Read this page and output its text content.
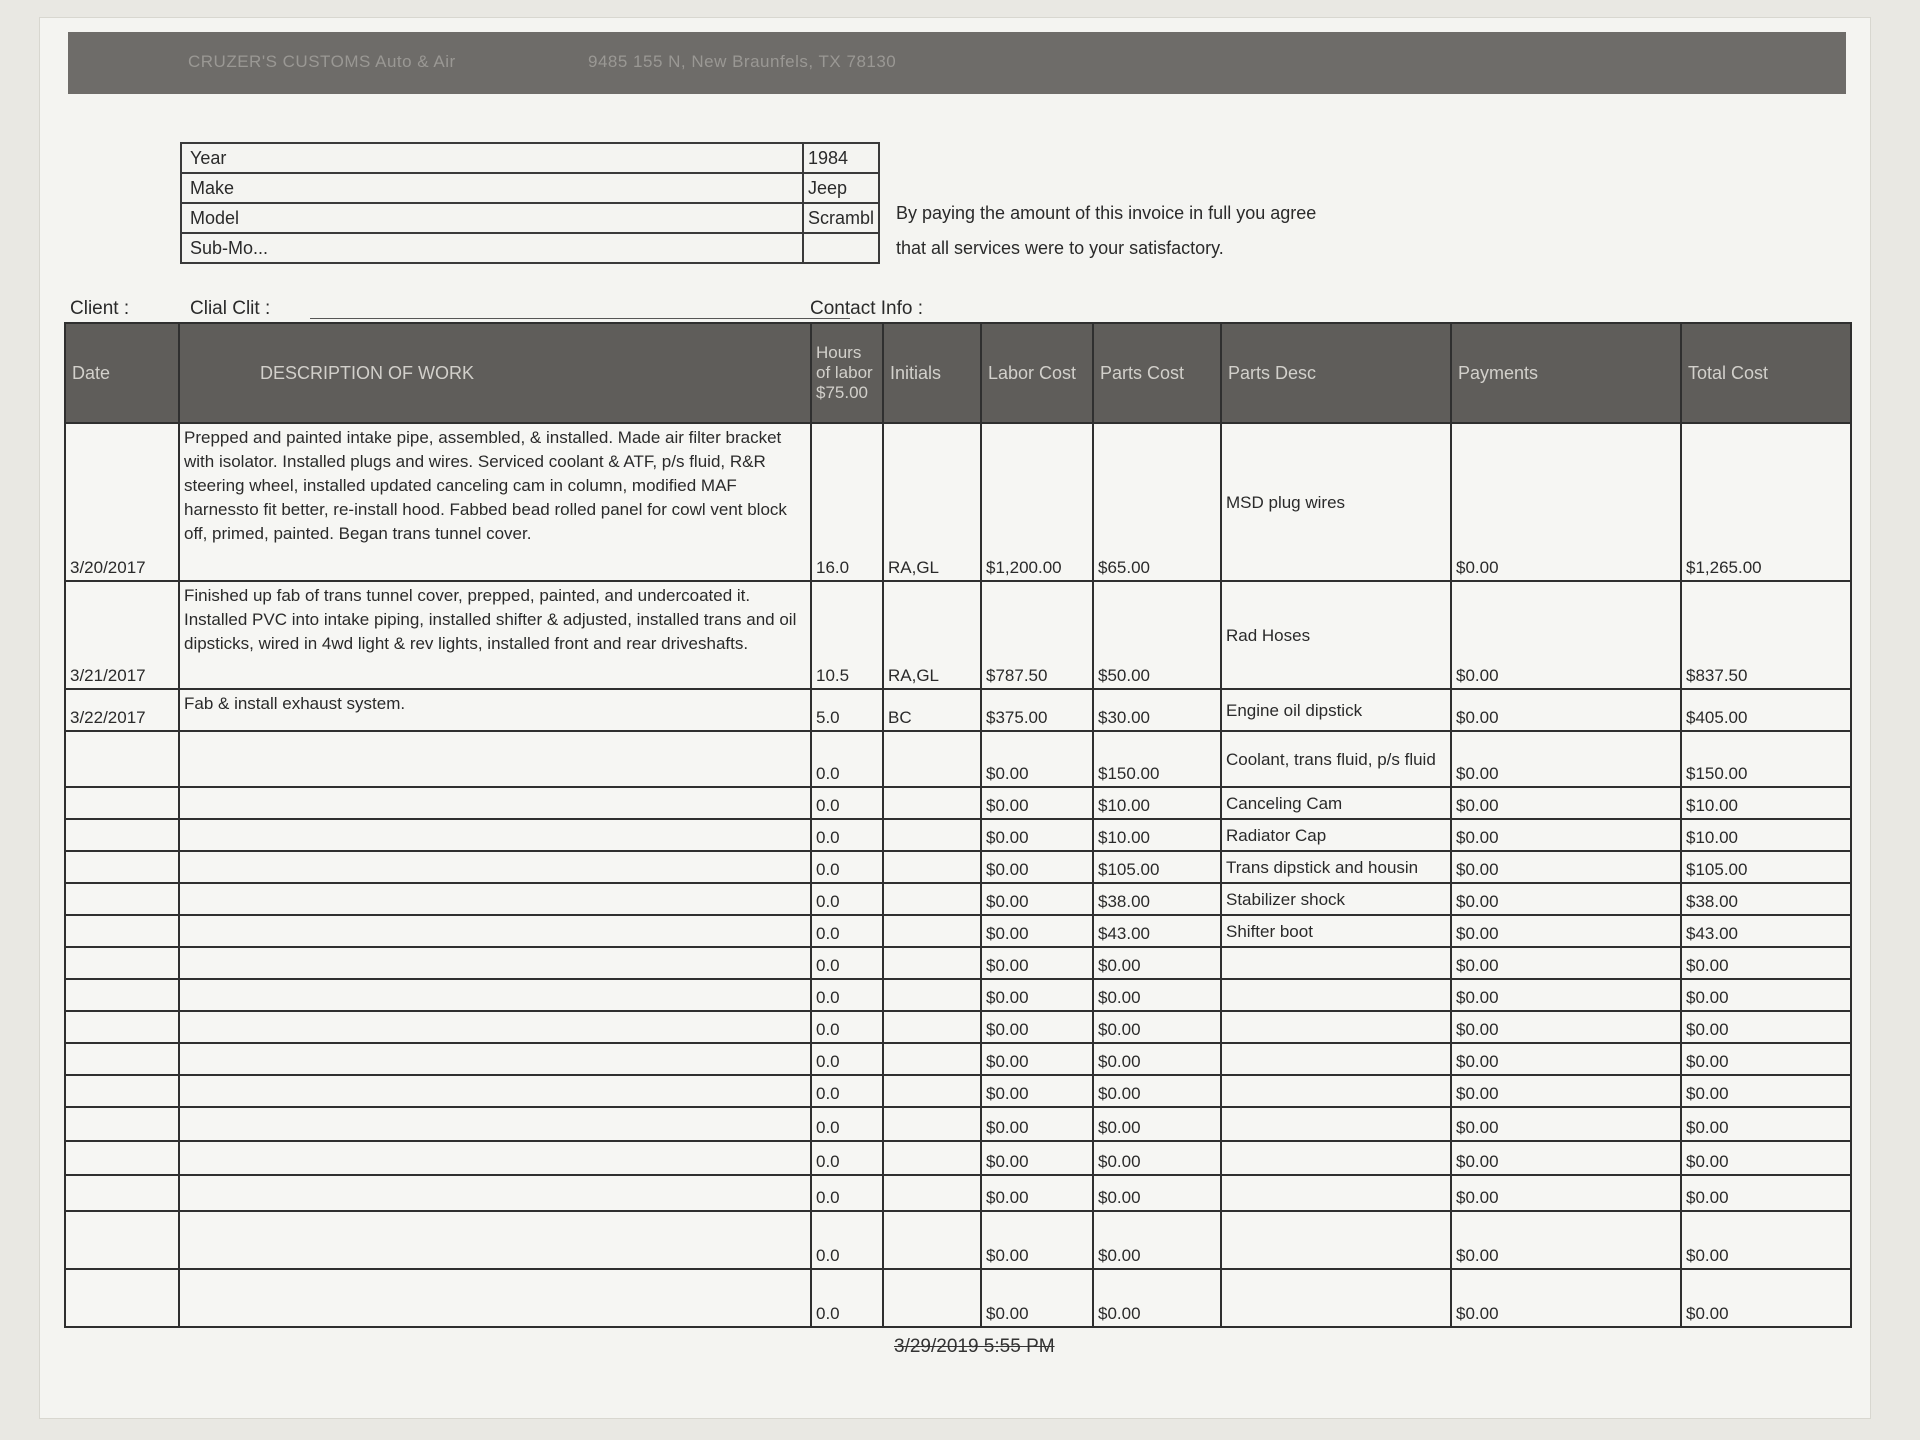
CRUZER'S CUSTOMS Auto & Air	9485 155 N, New Braunfels, TX 78130
Year	1984
Make	Jeep
Model	Scrambl
Sub-Mo...	
By paying the amount of this invoice in full you agree
that all services were to your satisfactory.
Client :	Clial Clit :	Contact Info :
Date	DESCRIPTION OF WORK	Hours of labor $75.00	Initials	Labor Cost	Parts Cost	Parts Desc	Payments	Total Cost
3/20/2017	Prepped and painted intake pipe, assembled, & installed. Made air filter bracket with isolator. Installed plugs and wires. Serviced coolant & ATF, p/s fluid, R&R steering wheel, installed updated canceling cam in column, modified MAF harnessto fit better, re-install hood. Fabbed bead rolled panel for cowl vent block off, primed, painted. Began trans tunnel cover.	16.0	RA,GL	$1,200.00	$65.00	MSD plug wires	$0.00	$1,265.00
3/21/2017	Finished up fab of trans tunnel cover, prepped, painted, and undercoated it. Installed PVC into intake piping, installed shifter & adjusted, installed trans and oil dipsticks, wired in 4wd light & rev lights, installed front and rear driveshafts.	10.5	RA,GL	$787.50	$50.00	Rad Hoses	$0.00	$837.50
3/22/2017	Fab & install exhaust system.	5.0	BC	$375.00	$30.00	Engine oil dipstick	$0.00	$405.00
		0.0		$0.00	$150.00	Coolant, trans fluid, p/s fluid	$0.00	$150.00
		0.0		$0.00	$10.00	Canceling Cam	$0.00	$10.00
		0.0		$0.00	$10.00	Radiator Cap	$0.00	$10.00
		0.0		$0.00	$105.00	Trans dipstick and housin	$0.00	$105.00
		0.0		$0.00	$38.00	Stabilizer shock	$0.00	$38.00
		0.0		$0.00	$43.00	Shifter boot	$0.00	$43.00
		0.0		$0.00	$0.00		$0.00	$0.00
		0.0		$0.00	$0.00		$0.00	$0.00
		0.0		$0.00	$0.00		$0.00	$0.00
		0.0		$0.00	$0.00		$0.00	$0.00
		0.0		$0.00	$0.00		$0.00	$0.00
		0.0		$0.00	$0.00		$0.00	$0.00
		0.0		$0.00	$0.00		$0.00	$0.00
		0.0		$0.00	$0.00		$0.00	$0.00
		0.0		$0.00	$0.00		$0.00	$0.00
		0.0		$0.00	$0.00		$0.00	$0.00
3/29/2019 5:55 PM
